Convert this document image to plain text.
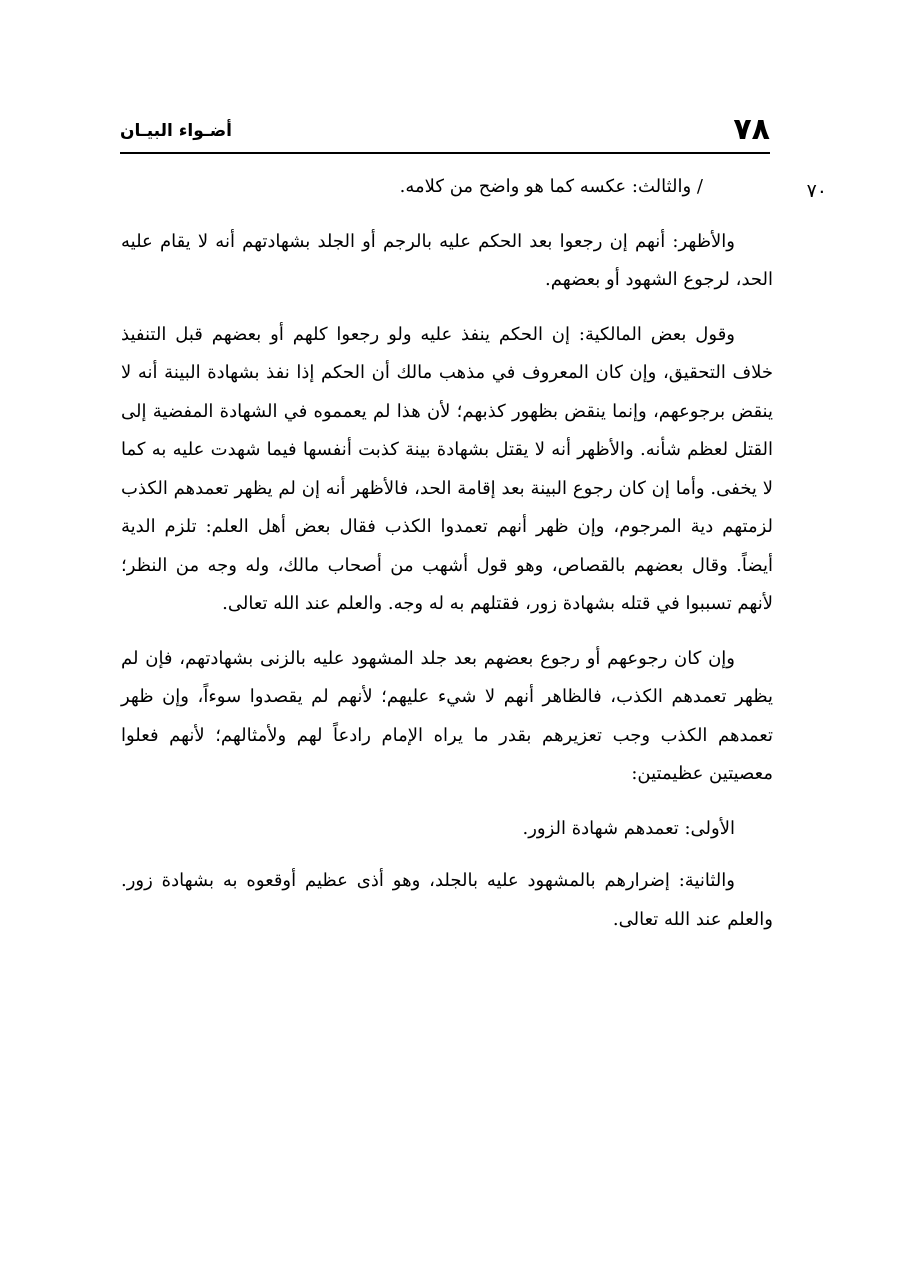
٧٨
أضـواء البيـان
٧٠

/ والثالث: عكسه كما هو واضح من كلامه.

والأظهر: أنهم إن رجعوا بعد الحكم عليه بالرجم أو الجلد بشهادتهم أنه لا يقام عليه الحد، لرجوع الشهود أو بعضهم.

وقول بعض المالكية: إن الحكم ينفذ عليه ولو رجعوا كلهم أو بعضهم قبل التنفيذ خلاف التحقيق، وإن كان المعروف في مذهب مالك أن الحكم إذا نفذ بشهادة البينة أنه لا ينقض برجوعهم، وإنما ينقض بظهور كذبهم؛ لأن هذا لم يعمموه في الشهادة المفضية إلى القتل لعظم شأنه. والأظهر أنه لا يقتل بشهادة بينة كذبت أنفسها فيما شهدت عليه به كما لا يخفى. وأما إن كان رجوع البينة بعد إقامة الحد، فالأظهر أنه إن لم يظهر تعمدهم الكذب لزمتهم دية المرجوم، وإن ظهر أنهم تعمدوا الكذب فقال بعض أهل العلم: تلزم الدية أيضاً. وقال بعضهم بالقصاص، وهو قول أشهب من أصحاب مالك، وله وجه من النظر؛ لأنهم تسببوا في قتله بشهادة زور، فقتلهم به له وجه. والعلم عند الله تعالى.

وإن كان رجوعهم أو رجوع بعضهم بعد جلد المشهود عليه بالزنى بشهادتهم، فإن لم يظهر تعمدهم الكذب، فالظاهر أنهم لا شيء عليهم؛ لأنهم لم يقصدوا سوءاً، وإن ظهر تعمدهم الكذب وجب تعزيرهم بقدر ما يراه الإمام رادعاً لهم ولأمثالهم؛ لأنهم فعلوا معصيتين عظيمتين:

الأولى: تعمدهم شهادة الزور.

والثانية: إضرارهم بالمشهود عليه بالجلد، وهو أذى عظيم أوقعوه به بشهادة زور. والعلم عند الله تعالى.
